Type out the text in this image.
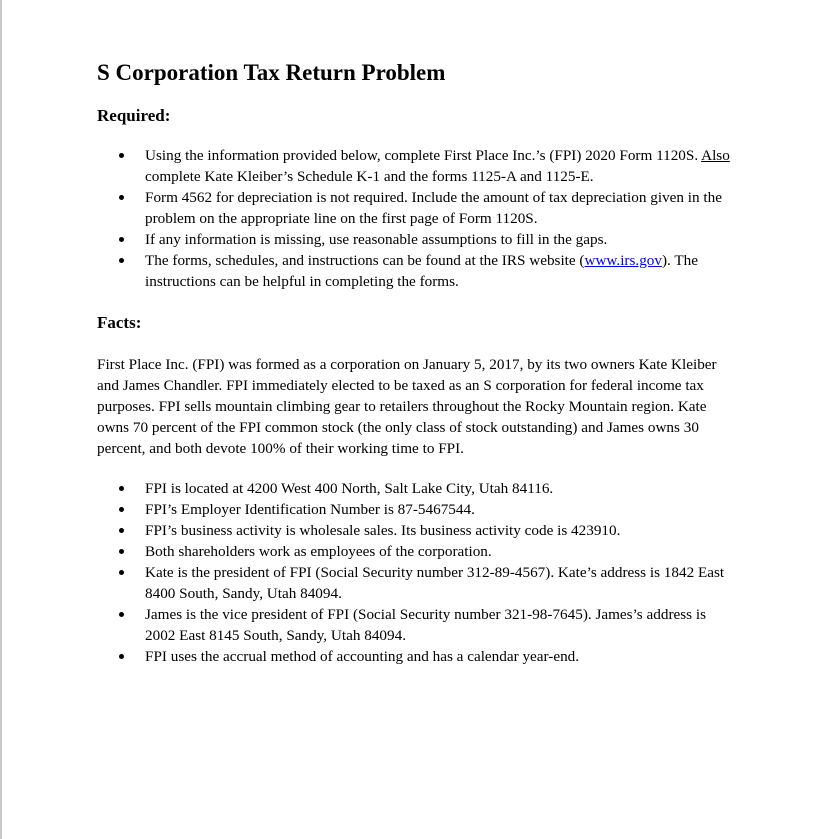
S Corporation Tax Return Problem
Required:
Using the information provided below, complete First Place Inc.’s (FPI) 2020 Form 1120S. Also complete Kate Kleiber’s Schedule K-1 and the forms 1125-A and 1125-E.
Form 4562 for depreciation is not required. Include the amount of tax depreciation given in the problem on the appropriate line on the first page of Form 1120S.
If any information is missing, use reasonable assumptions to fill in the gaps.
The forms, schedules, and instructions can be found at the IRS website (www.irs.gov). The instructions can be helpful in completing the forms.
Facts:

First Place Inc. (FPI) was formed as a corporation on January 5, 2017, by its two owners Kate Kleiber and James Chandler. FPI immediately elected to be taxed as an S corporation for federal income tax purposes. FPI sells mountain climbing gear to retailers throughout the Rocky Mountain region. Kate owns 70 percent of the FPI common stock (the only class of stock outstanding) and James owns 30 percent, and both devote 100% of their working time to FPI.

FPI is located at 4200 West 400 North, Salt Lake City, Utah 84116.
FPI’s Employer Identification Number is 87-5467544.
FPI’s business activity is wholesale sales. Its business activity code is 423910.
Both shareholders work as employees of the corporation.
Kate is the president of FPI (Social Security number 312-89-4567). Kate’s address is 1842 East 8400 South, Sandy, Utah 84094.
James is the vice president of FPI (Social Security number 321-98-7645). James’s address is 2002 East 8145 South, Sandy, Utah 84094.
FPI uses the accrual method of accounting and has a calendar year-end.
